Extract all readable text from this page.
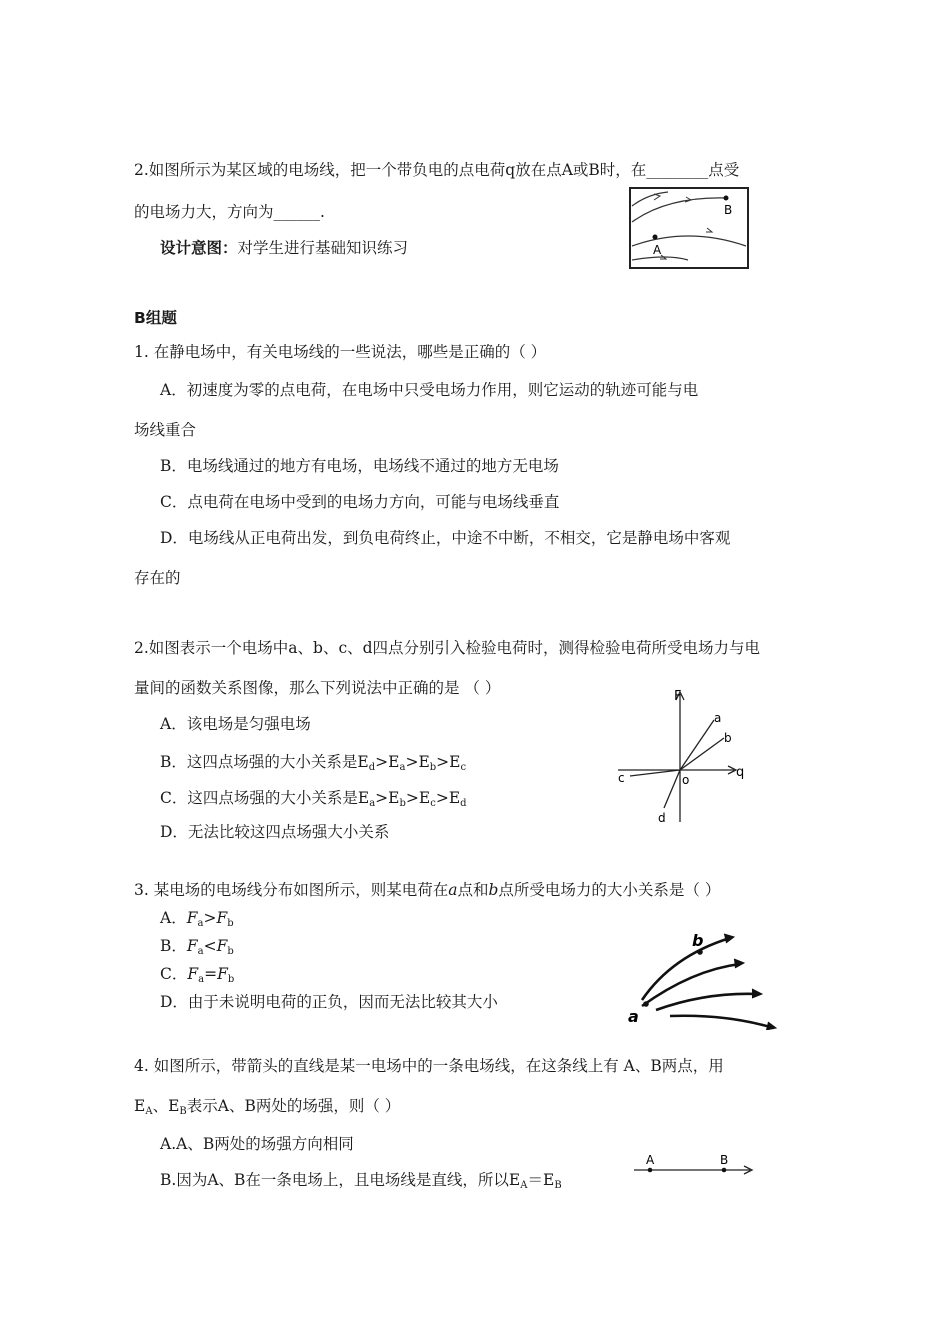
2.如图所示为某区域的电场线，把一个带负电的点电荷q放在点A或B时，在________点受
的电场力大，方向为______.
设计意图：对学生进行基础知识练习
B
A
B组题
1. 在静电场中，有关电场线的一些说法，哪些是正确的（ ）
A．初速度为零的点电荷，在电场中只受电场力作用，则它运动的轨迹可能与电
场线重合
B．电场线通过的地方有电场，电场线不通过的地方无电场
C．点电荷在电场中受到的电场力方向，可能与电场线垂直
D．电场线从正电荷出发，到负电荷终止，中途不中断，不相交，它是静电场中客观
存在的
2.如图表示一个电场中a、b、c、d四点分别引入检验电荷时，测得检验电荷所受电场力与电
量间的函数关系图像，那么下列说法中正确的是 （ ）
A．该电场是匀强电场
B．这四点场强的大小关系是$E_d>E_a>E_b>E_c$
C．这四点场强的大小关系是$E_a>E_b>E_c>E_d$
D．无法比较这四点场强大小关系
F
q
o
a
b
c
d
3. 某电场的电场线分布如图所示，则某电荷在a点和b点所受电场力的大小关系是（ ）
A．$F_a>F_b$
B．$F_a<F_b$
C．$F_a=F_b$
D．由于未说明电荷的正负，因而无法比较其大小
b
a
4. 如图所示，带箭头的直线是某一电场中的一条电场线，在这条线上有 A、B两点，用
$E_A$、$E_B$表示A、B两处的场强，则（ ）
A.A、B两处的场强方向相同
B.因为A、B在一条电场上，且电场线是直线，所以$E_A=E_B$
A	B
